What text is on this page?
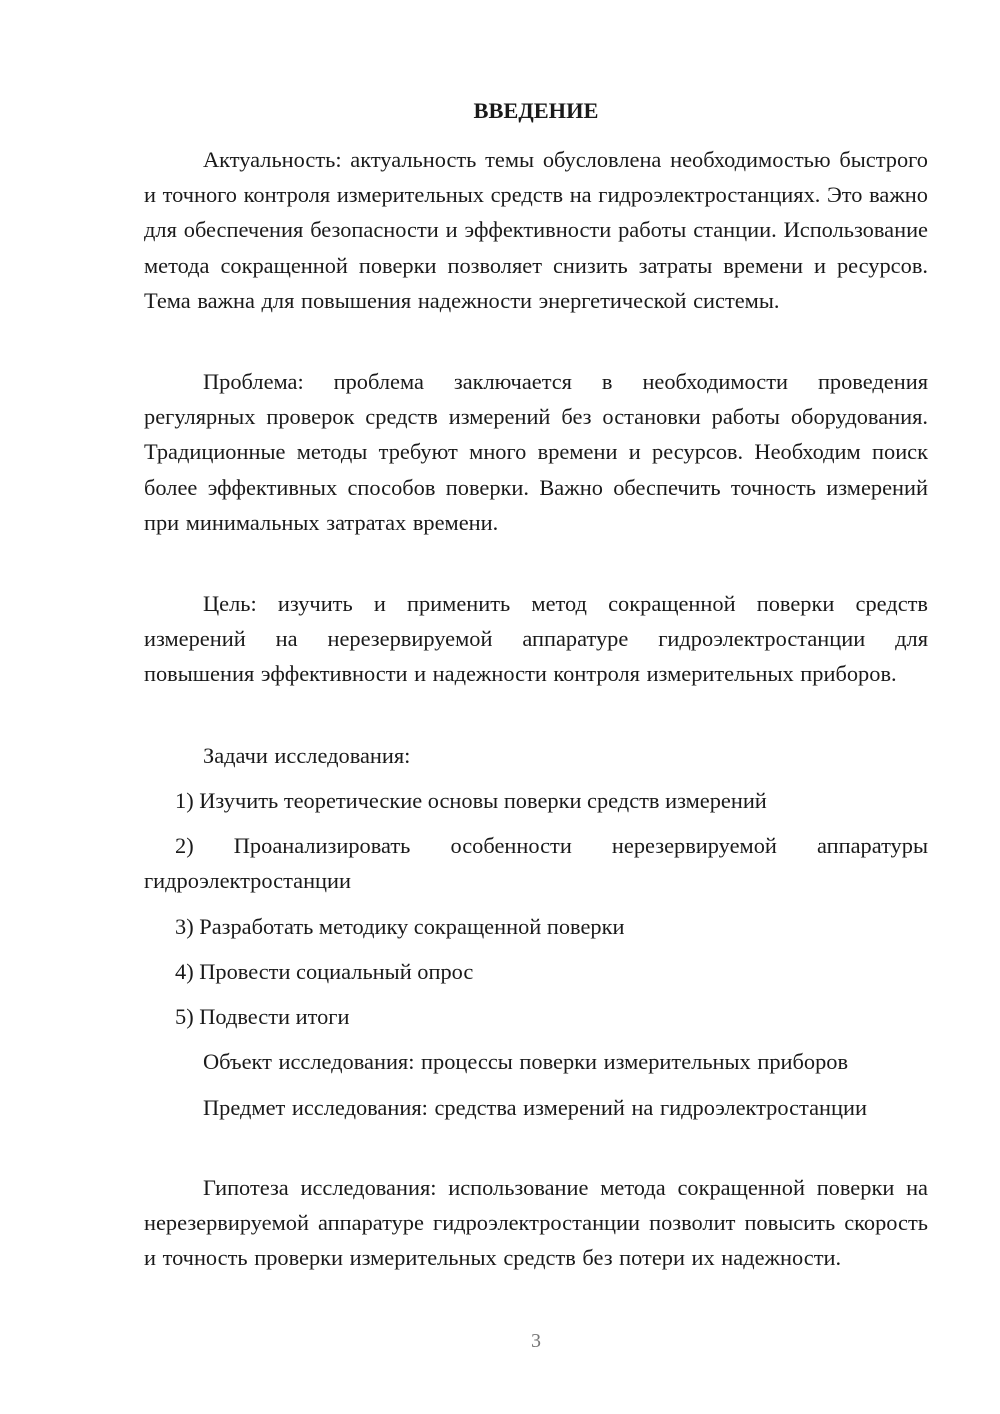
ВВЕДЕНИЕ

Актуальность: актуальность темы обусловлена необходимостью быстрого и точного контроля измерительных средств на гидроэлектростанциях. Это важно для обеспечения безопасности и эффективности работы станции. Использование метода сокращенной поверки позволяет снизить затраты времени и ресурсов. Тема важна для повышения надежности энергетической системы.

Проблема: проблема заключается в необходимости проведения регулярных проверок средств измерений без остановки работы оборудования. Традиционные методы требуют много времени и ресурсов. Необходим поиск более эффективных способов поверки. Важно обеспечить точность измерений при минимальных затратах времени.

Цель: изучить и применить метод сокращенной поверки средств измерений на нерезервируемой аппаратуре гидроэлектростанции для повышения эффективности и надежности контроля измерительных приборов.

Задачи исследования:

1) Изучить теоретические основы поверки средств измерений

2) Проанализировать особенности нерезервируемой аппаратуры гидроэлектростанции

3) Разработать методику сокращенной поверки

4) Провести социальный опрос

5) Подвести итоги

Объект исследования: процессы поверки измерительных приборов

Предмет исследования: средства измерений на гидроэлектростанции

Гипотеза исследования: использование метода сокращенной поверки на нерезервируемой аппаратуре гидроэлектростанции позволит повысить скорость и точность проверки измерительных средств без потери их надежности.

3
